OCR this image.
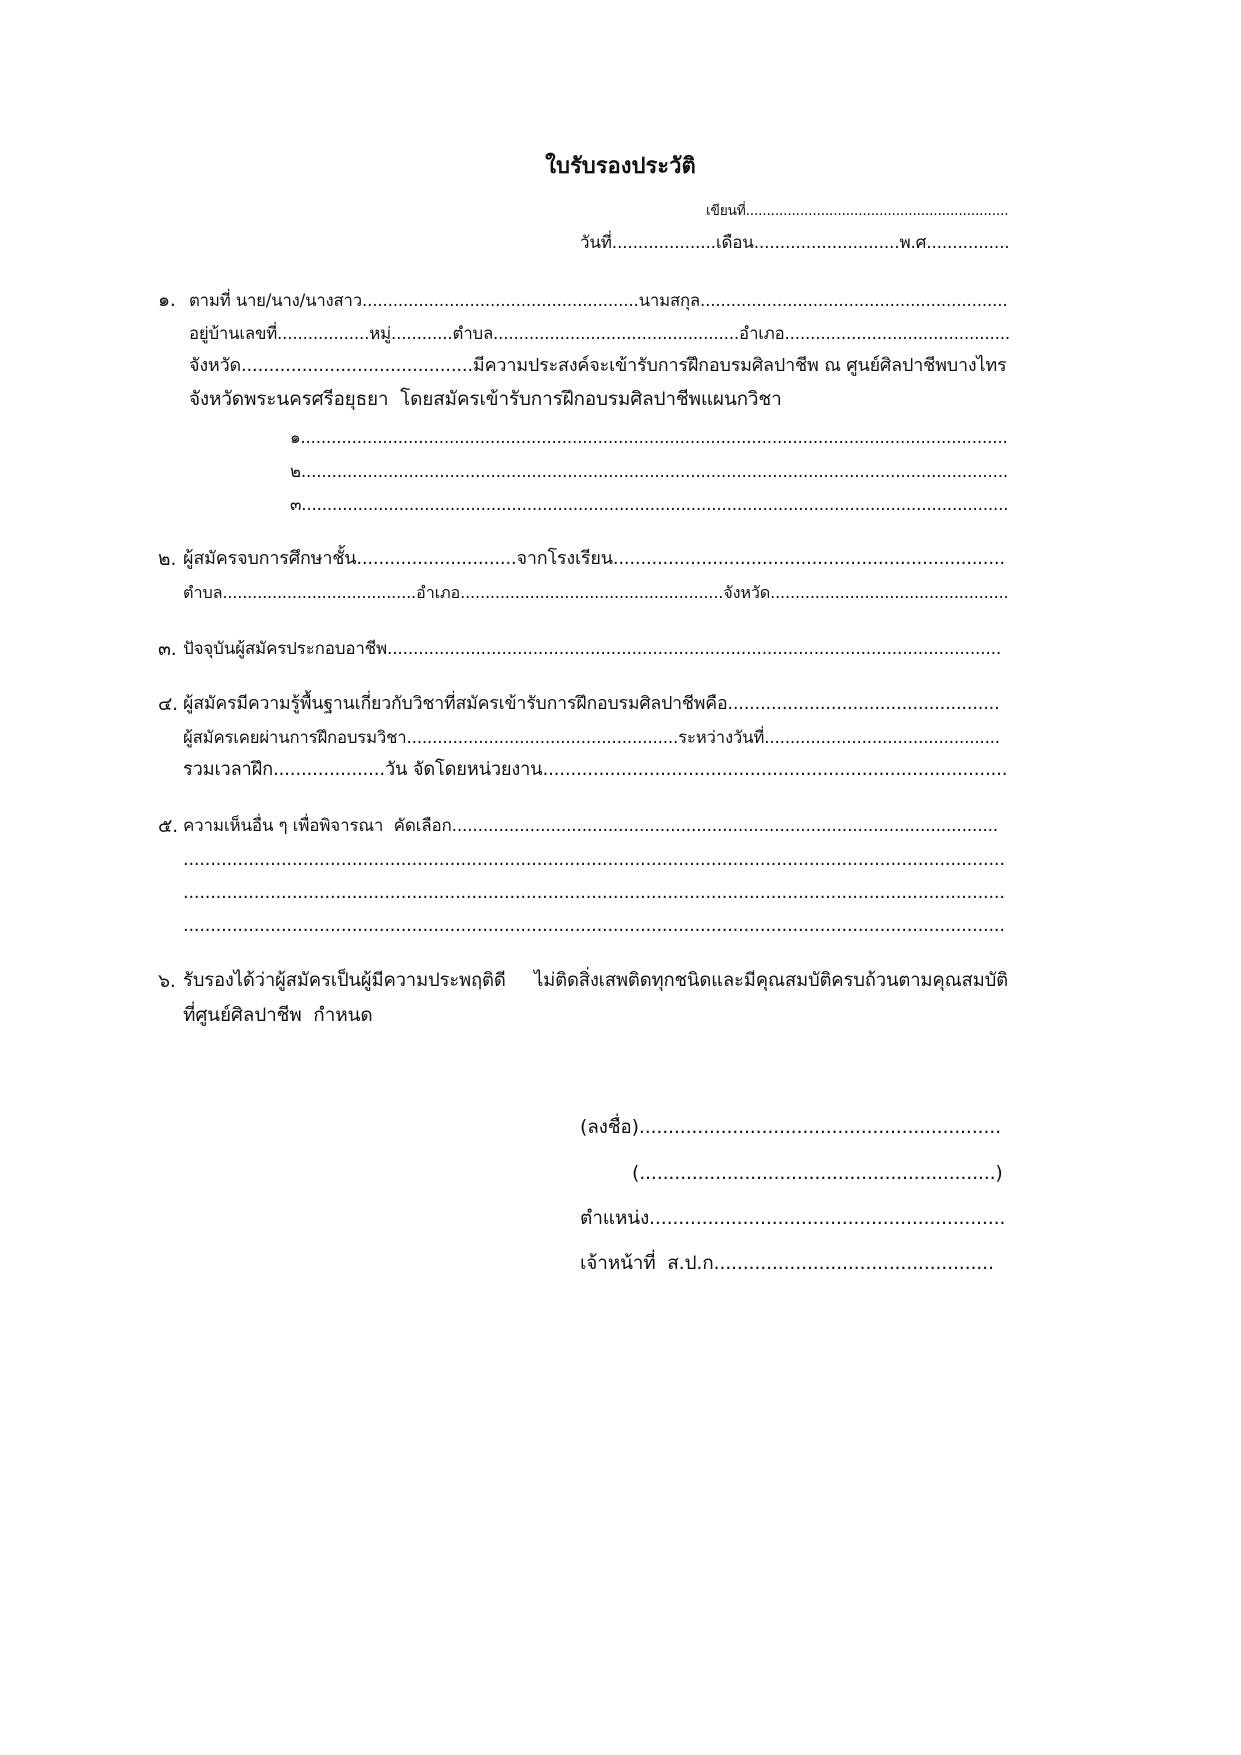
ใบรับรองประวัติ
เขียนที่...............................................................
วันที่....................เดือน............................พ.ศ................
๑. ตามที่ นาย/นาง/นางสาว......................................................นามสกุล............................................................
อยู่บ้านเลขที่..................หมู่............ตำบล................................................อำเภอ............................................
จังหวัด..........................................มีความประสงค์จะเข้ารับการฝึกอบรมศิลปาชีพ ณ ศูนย์ศิลปาชีพบางไทร
จังหวัดพระนครศรีอยุธยา  โดยสมัครเข้ารับการฝึกอบรมศิลปาชีพแผนกวิชา
๑..........................................................................................................................................
๒..........................................................................................................................................
๓..........................................................................................................................................
๒. ผู้สมัครจบการศึกษาชั้น.............................จากโรงเรียน.......................................................................
ตำบล.......................................อำเภอ.....................................................จังหวัด................................................
๓. ปัจจุบันผู้สมัครประกอบอาชีพ......................................................................................................................
๔. ผู้สมัครมีความรู้พื้นฐานเกี่ยวกับวิชาที่สมัครเข้ารับการฝึกอบรมศิลปาชีพคือ..................................................
ผู้สมัครเคยผ่านการฝึกอบรมวิชา.....................................................ระหว่างวันที่..............................................
รวมเวลาฝึก....................วัน จัดโดยหน่วยงาน...................................................................................
๕. ความเห็นอื่น ๆ เพื่อพิจารณา  คัดเลือก.........................................................................................................
.......................................................................................................................................................
.......................................................................................................................................................
.......................................................................................................................................................
๖. รับรองได้ว่าผู้สมัครเป็นผู้มีความประพฤติดี     ไม่ติดสิ่งเสพติดทุกชนิดและมีคุณสมบัติครบถ้วนตามคุณสมบัติ
ที่ศูนย์ศิลปาชีพ  กำหนด
(ลงชื่อ)..............................................................
(.............................................................)
ตำแหน่ง.............................................................
เจ้าหน้าที่  ส.ป.ก................................................
